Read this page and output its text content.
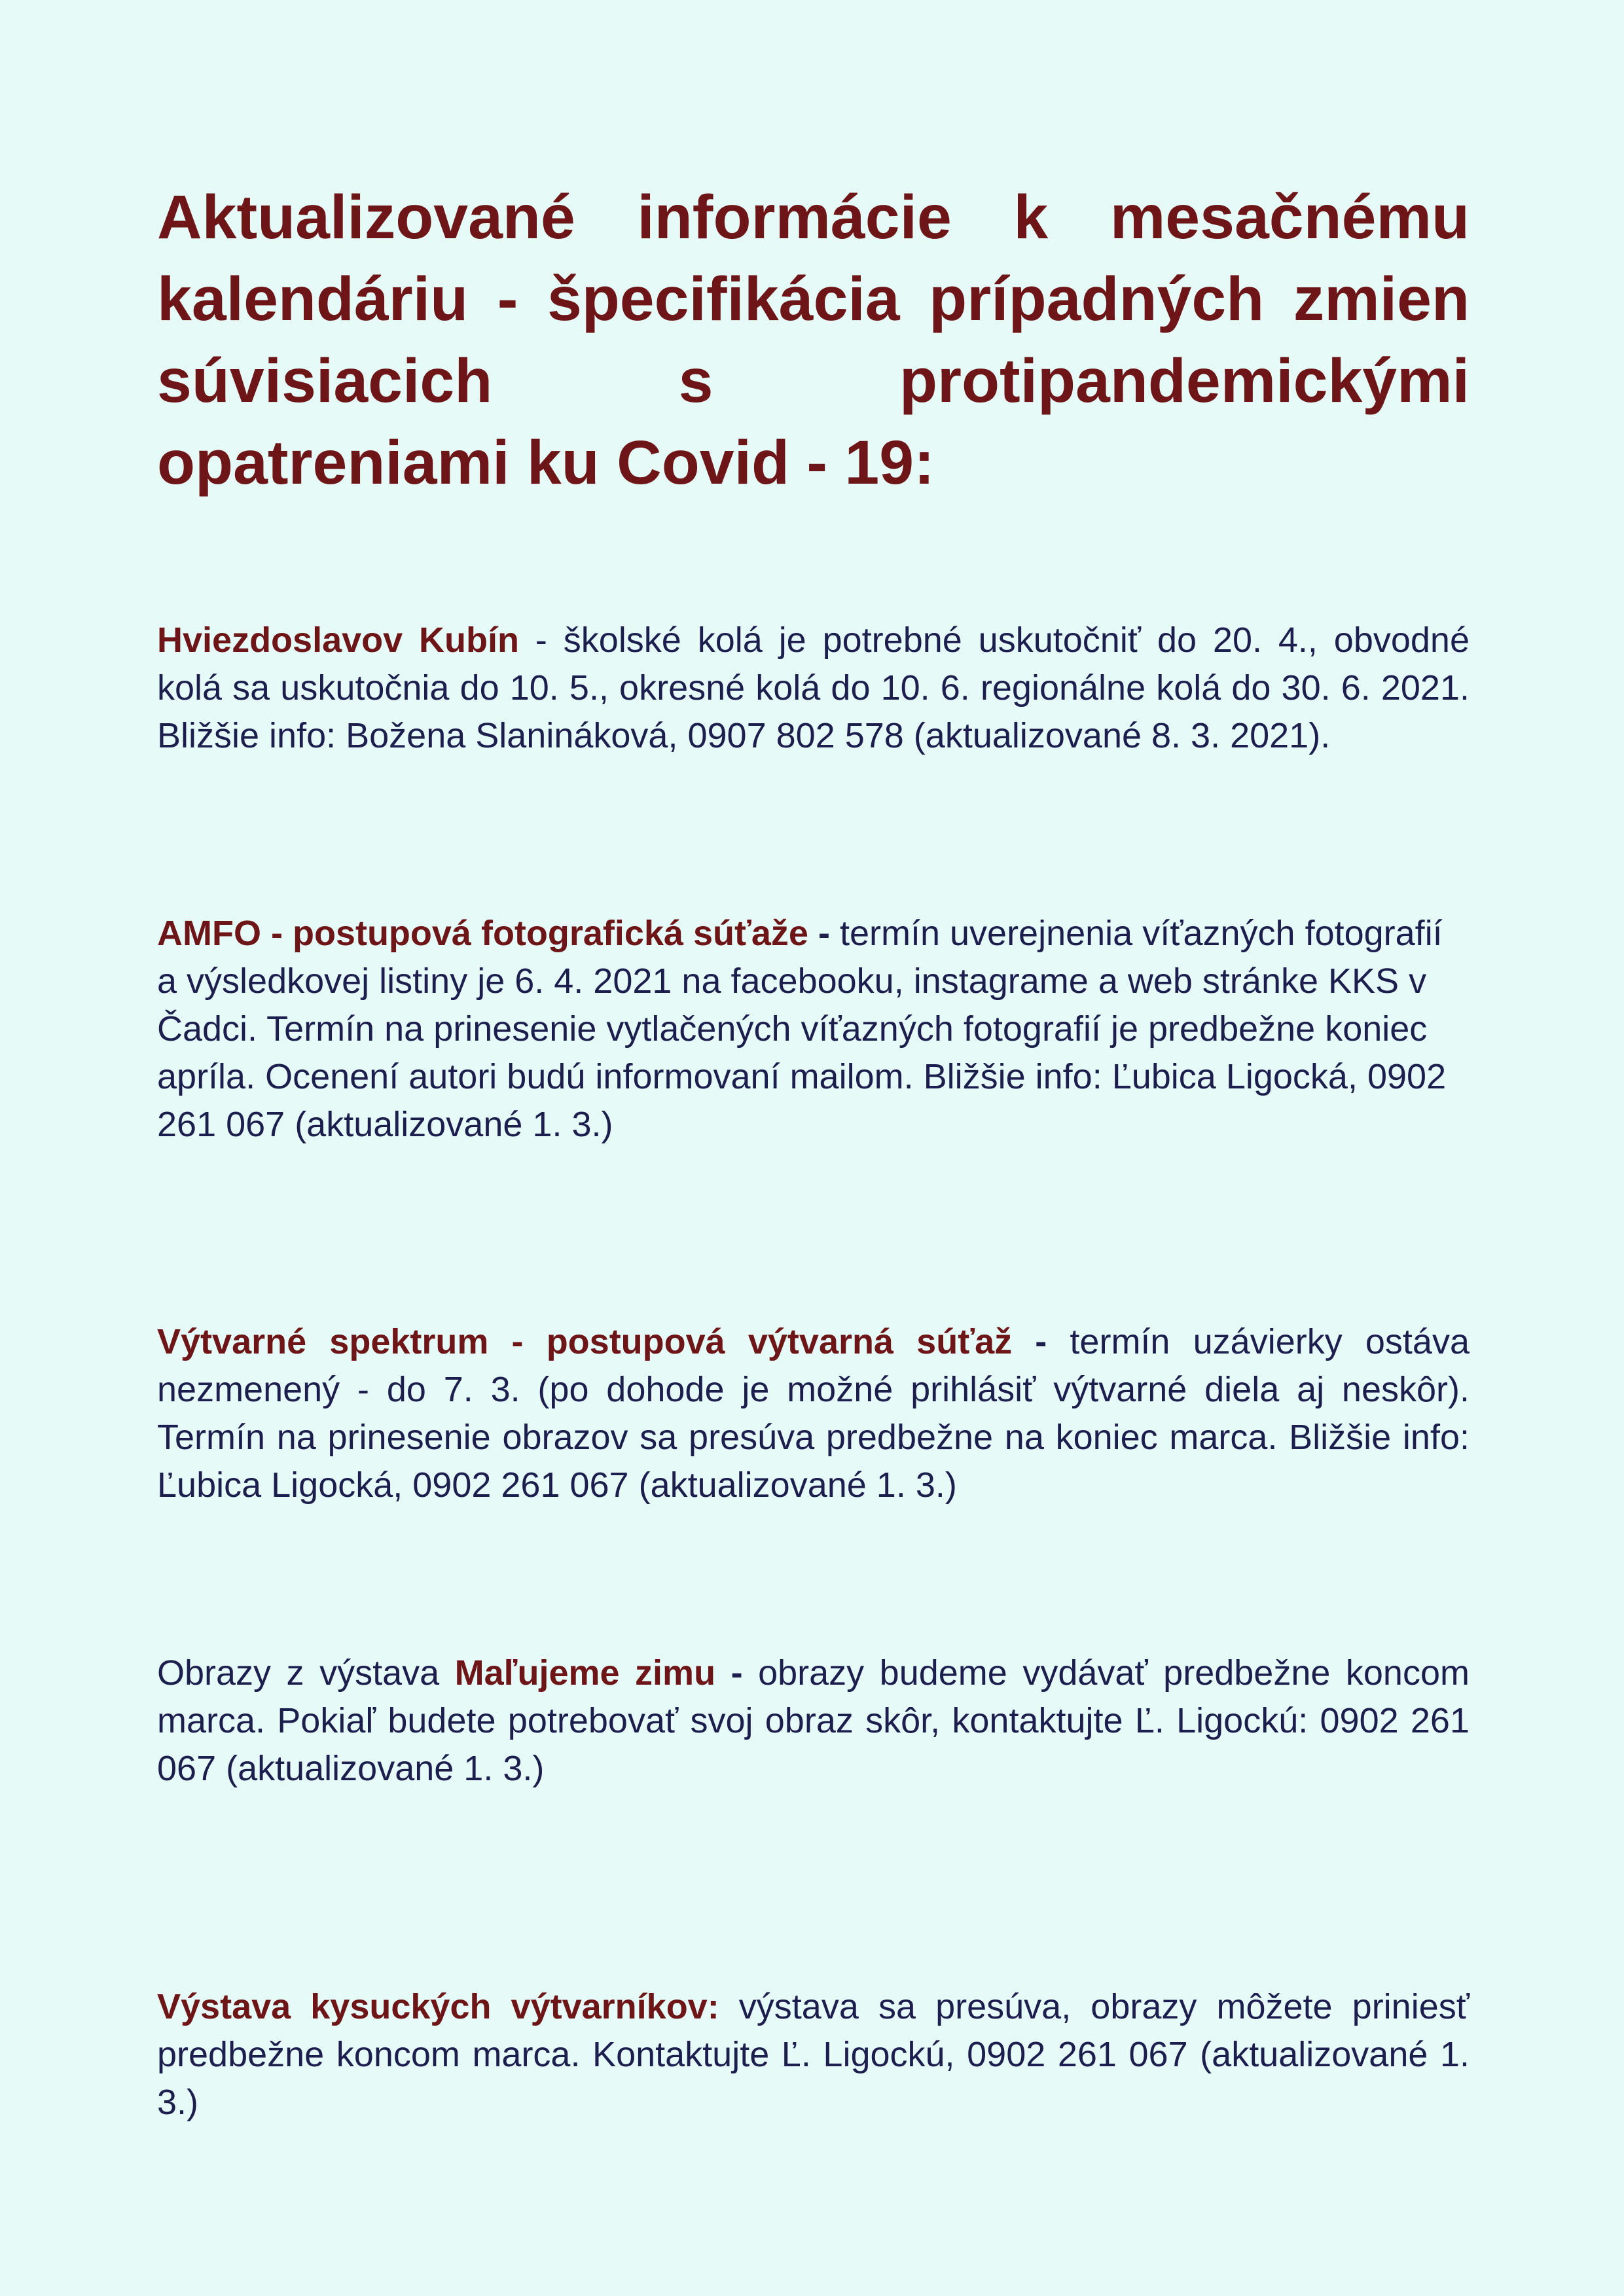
Aktualizované informácie k mesačnému kalendáriu - špecifikácia prípadných zmien súvisiacich s protipandemickými opatreniami ku Covid - 19:

Hviezdoslavov Kubín - školské kolá je potrebné uskutočniť do 20. 4., obvodné kolá sa uskutočnia do 10. 5., okresné kolá do 10. 6. regionálne kolá do 30. 6. 2021. Bližšie info: Božena Slanináková, 0907 802 578 (aktualizované 8. 3. 2021).

AMFO - postupová fotografická súťaže - termín uverejnenia víťazných fotografií a výsledkovej listiny je 6. 4. 2021 na facebooku, instagrame a web stránke KKS v Čadci. Termín na prinesenie vytlačených víťazných fotografií je predbežne koniec apríla. Ocenení autori budú informovaní mailom. Bližšie info: Ľubica Ligocká, 0902 261 067 (aktualizované 1. 3.)

Výtvarné spektrum - postupová výtvarná súťaž - termín uzávierky ostáva nezmenený - do 7. 3. (po dohode je možné prihlásiť výtvarné diela aj neskôr). Termín na prinesenie obrazov sa presúva predbežne na koniec marca. Bližšie info: Ľubica Ligocká, 0902 261 067 (aktualizované 1. 3.)

Obrazy z výstava Maľujeme zimu - obrazy budeme vydávať predbežne koncom marca. Pokiaľ budete potrebovať svoj obraz skôr, kontaktujte Ľ. Ligockú: 0902 261 067 (aktualizované 1. 3.)

Výstava kysuckých výtvarníkov: výstava sa presúva, obrazy môžete priniesť predbežne koncom marca. Kontaktujte Ľ. Ligockú, 0902 261 067 (aktualizované 1. 3.)
